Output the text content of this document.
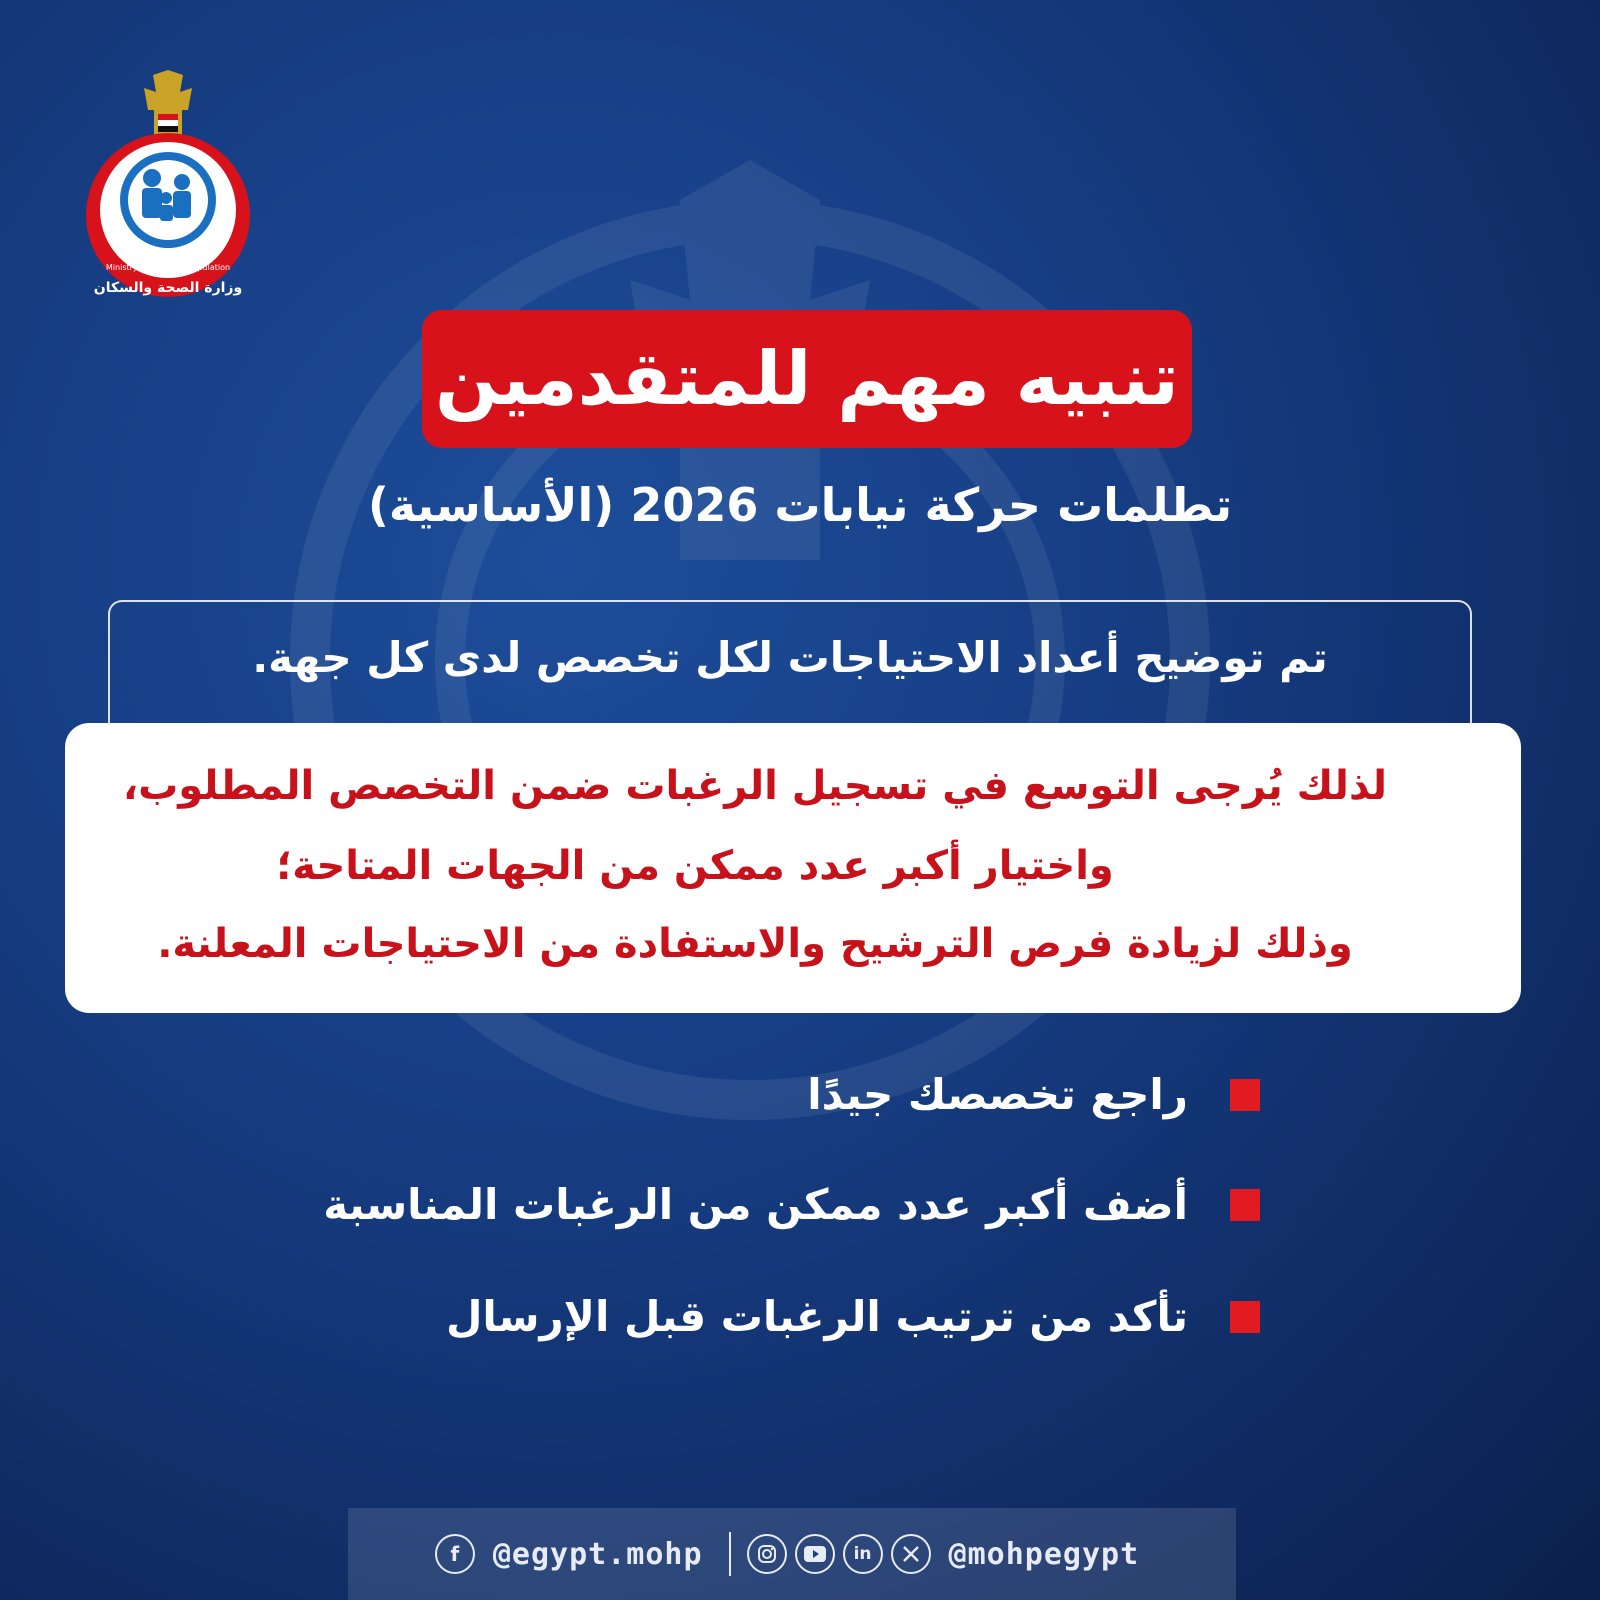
Ministry of Health & Population
وزارة الصحة والسكان
تنبيه مهم للمتقدمين
تطلمات حركة نيابات 2026 (الأساسية)
تم توضيح أعداد الاحتياجات لكل تخصص لدى كل جهة.
لذلك يُرجى التوسع في تسجيل الرغبات ضمن التخصص المطلوب،
واختيار أكبر عدد ممكن من الجهات المتاحة؛
وذلك لزيادة فرص الترشيح والاستفادة من الاحتياجات المعلنة.
راجع تخصصك جيدًا
أضف أكبر عدد ممكن من الرغبات المناسبة
تأكد من ترتيب الرغبات قبل الإرسال
f	@egypt.mohp	in	@mohpegypt
